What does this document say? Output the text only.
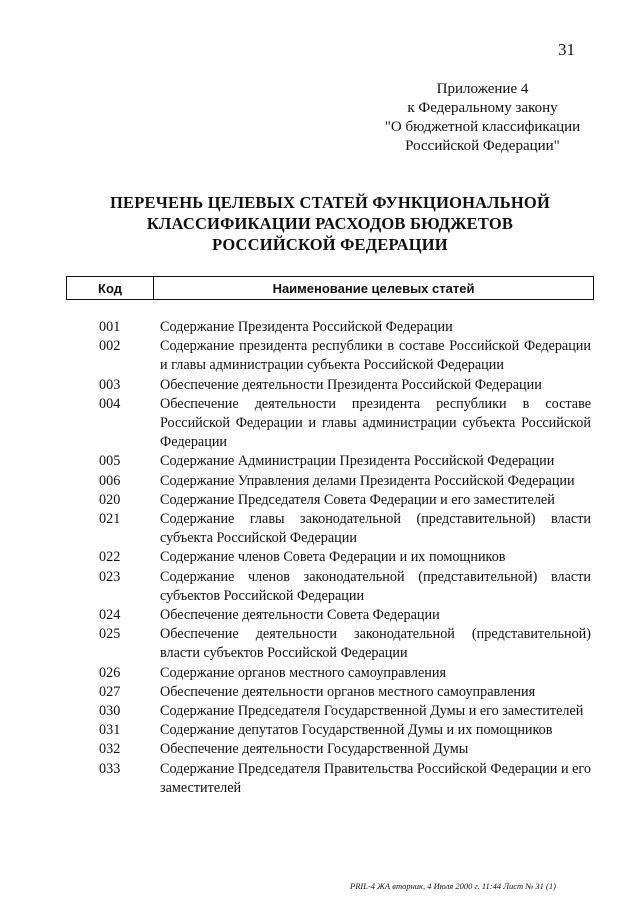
31
Приложение 4
к Федеральному закону
"О бюджетной классификации
Российской Федерации"
ПЕРЕЧЕНЬ ЦЕЛЕВЫХ СТАТЕЙ ФУНКЦИОНАЛЬНОЙ
КЛАССИФИКАЦИИ РАСХОДОВ БЮДЖЕТОВ
РОССИЙСКОЙ ФЕДЕРАЦИИ
Код	Наименование целевых статей
001	Содержание Президента Российской Федерации
002	Содержание президента республики в составе Российской Федерации и главы администрации субъекта Российской Федерации
003	Обеспечение деятельности Президента Российской Федерации
004	Обеспечение деятельности президента республики в составе Российской Федерации и главы администрации субъекта Российской Федерации
005	Содержание Администрации Президента Российской Федерации
006	Содержание Управления делами Президента Российской Федерации
020	Содержание Председателя Совета Федерации и его заместителей
021	Содержание главы законодательной (представительной) власти субъекта Российской Федерации
022	Содержание членов Совета Федерации и их помощников
023	Содержание членов законодательной (представительной) власти субъектов Российской Федерации
024	Обеспечение деятельности Совета Федерации
025	Обеспечение деятельности законодательной (представительной) власти субъектов Российской Федерации
026	Содержание органов местного самоуправления
027	Обеспечение деятельности органов местного самоуправления
030	Содержание Председателя Государственной Думы и его заместителей
031	Содержание депутатов Государственной Думы и их помощников
032	Обеспечение деятельности Государственной Думы
033	Содержание Председателя Правительства Российской Федерации и его заместителей
PRIL-4 ЖА вторник, 4 Июля 2000 г. 11:44 Лист № 31 (1)
